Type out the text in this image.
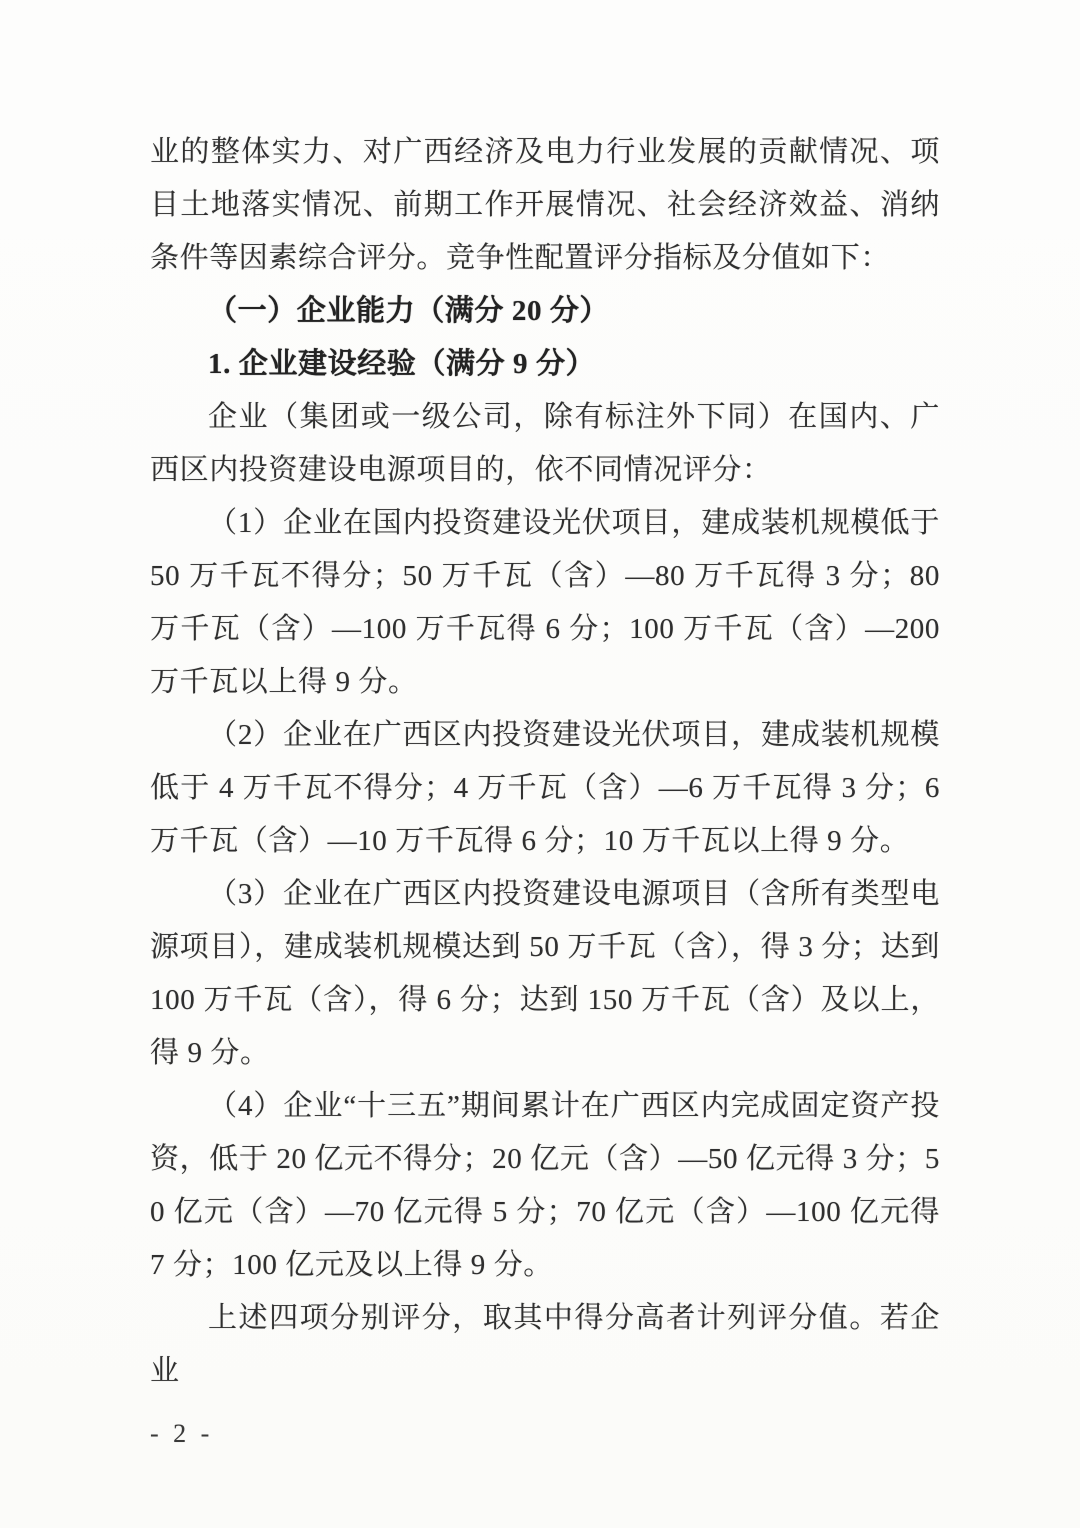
业的整体实力、对广西经济及电力行业发展的贡献情况、项目土地落实情况、前期工作开展情况、社会经济效益、消纳条件等因素综合评分。竞争性配置评分指标及分值如下：

（一）企业能力（满分 20 分）

1. 企业建设经验（满分 9 分）

企业（集团或一级公司，除有标注外下同）在国内、广西区内投资建设电源项目的，依不同情况评分：

（1）企业在国内投资建设光伏项目，建成装机规模低于 50 万千瓦不得分；50 万千瓦（含）—80 万千瓦得 3 分；80 万千瓦（含）—100 万千瓦得 6 分；100 万千瓦（含）—200 万千瓦以上得 9 分。

（2）企业在广西区内投资建设光伏项目，建成装机规模低于 4 万千瓦不得分；4 万千瓦（含）—6 万千瓦得 3 分；6 万千瓦（含）—10 万千瓦得 6 分；10 万千瓦以上得 9 分。

（3）企业在广西区内投资建设电源项目（含所有类型电源项目），建成装机规模达到 50 万千瓦（含），得 3 分；达到 100 万千瓦（含），得 6 分；达到 150 万千瓦（含）及以上，得 9 分。

（4）企业“十三五”期间累计在广西区内完成固定资产投资，低于 20 亿元不得分；20 亿元（含）—50 亿元得 3 分；50 亿元（含）—70 亿元得 5 分；70 亿元（含）—100 亿元得 7 分；100 亿元及以上得 9 分。

上述四项分别评分，取其中得分高者计列评分值。若企业

- 2 -
